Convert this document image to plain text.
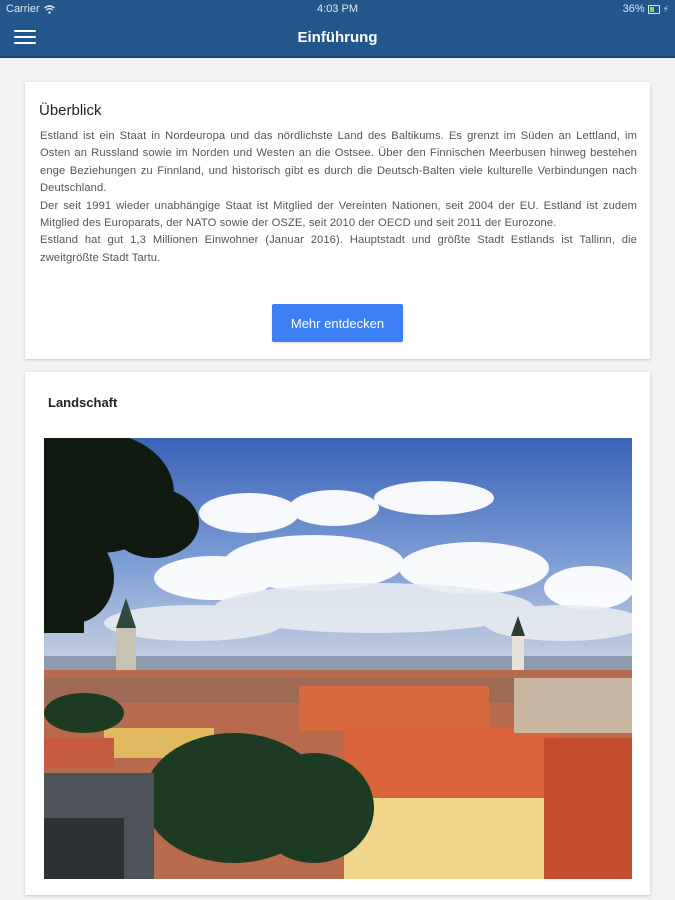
Carrier	4:03 PM	36% ⚡
Einführung
Überblick

Estland ist ein Staat in Nordeuropa und das nördlichste Land des Baltikums. Es grenzt im Süden an Lettland, im Osten an Russland sowie im Norden und Westen an die Ostsee. Über den Finnischen Meerbusen hinweg bestehen enge Beziehungen zu Finnland, und historisch gibt es durch die Deutsch-Balten viele kulturelle Verbindungen nach Deutschland.

Der seit 1991 wieder unabhängige Staat ist Mitglied der Vereinten Nationen, seit 2004 der EU. Estland ist zudem Mitglied des Europarats, der NATO sowie der OSZE, seit 2010 der OECD und seit 2011 der Eurozone.

Estland hat gut 1,3 Millionen Einwohner (Januar 2016). Hauptstadt und größte Stadt Estlands ist Tallinn, die zweitgrößte Stadt Tartu.

Mehr entdecken
Landschaft
